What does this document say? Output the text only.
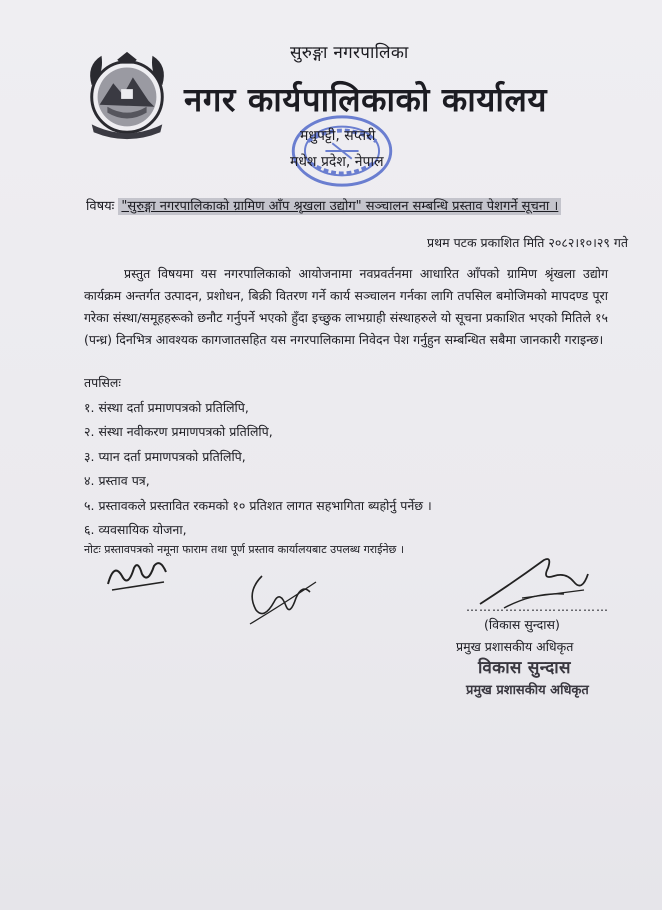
सुरुङ्गा नगरपालिका
नगर कार्यपालिकाको कार्यालय
मधुपट्टी, सप्तरी
मधेश प्रदेश, नेपाल
विषयः "सुरुङ्गा नगरपालिकाको ग्रामिण आँप श्रृखला उद्योग" सञ्चालन सम्बन्धि प्रस्ताव पेशगर्ने सूचना ।
प्रथम पटक प्रकाशित मिति २०८२।१०।२९ गते
प्रस्तुत विषयमा यस नगरपालिकाको आयोजनामा नवप्रवर्तनमा आधारित आँपको ग्रामिण श्रृंखला उद्योग कार्यक्रम अन्तर्गत उत्पादन, प्रशोधन, बिक्री वितरण गर्ने कार्य सञ्चालन गर्नका लागि तपसिल बमोजिमको मापदण्ड पूरा गरेका संस्था/समूहहरूको छनौट गर्नुपर्ने भएको हुँदा इच्छुक लाभग्राही संस्थाहरुले यो सूचना प्रकाशित भएको मितिले १५ (पन्ध्र) दिनभित्र आवश्यक कागजातसहित यस नगरपालिकामा निवेदन पेश गर्नुहुन सम्बन्धित सबैमा जानकारी गराइन्छ।
तपसिलः
१. संस्था दर्ता प्रमाणपत्रको प्रतिलिपि,
२. संस्था नवीकरण प्रमाणपत्रको प्रतिलिपि,
३. प्यान दर्ता प्रमाणपत्रको प्रतिलिपि,
४. प्रस्ताव पत्र,
५. प्रस्तावकले प्रस्तावित रकमको १० प्रतिशत लागत सहभागिता ब्यहोर्नु पर्नेछ ।
६. व्यवसायिक योजना,
नोटः प्रस्तावपत्रको नमूना फाराम तथा पूर्ण प्रस्ताव कार्यालयबाट उपलब्ध गराईनेछ ।
……………………………
(विकास सुन्दास)
प्रमुख प्रशासकीय अधिकृत
विकास सुन्दास
प्रमुख प्रशासकीय अधिकृत
